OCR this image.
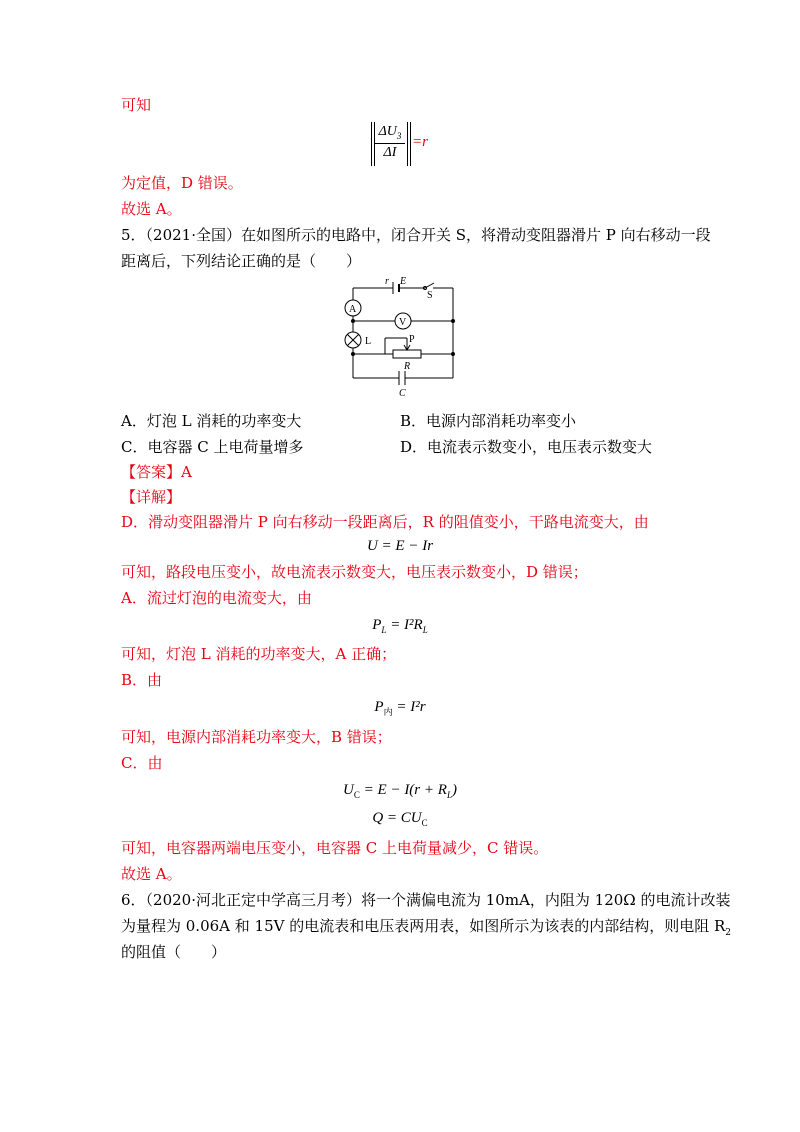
可知
$\Delta U_3$
ΔI
=r
为定值，D 错误。
故选 A。
5．（2021·全国）在如图所示的电路中，闭合开关 S，将滑动变阻器滑片 P 向右移动一段
距离后，下列结论正确的是（　　）
r E
S
A
V
L	P
R
C
A．灯泡 L 消耗的功率变大	B．电源内部消耗功率变小
C．电容器 C 上电荷量增多	D．电流表示数变小，电压表示数变大
【答案】A
【详解】
D．滑动变阻器滑片 P 向右移动一段距离后，R 的阻值变小，干路电流变大，由
U = E − Ir
可知，路段电压变小，故电流表示数变大，电压表示数变小，D 错误；
A．流过灯泡的电流变大，由
$P_L = I^2R_L$
可知，灯泡 L 消耗的功率变大，A 正确；
B．由
$P_内 = I^2r$
可知，电源内部消耗功率变大，B 错误；
C．由
$U_C = E - I(r + R_L)$
$Q = CU_C$
可知，电容器两端电压变小，电容器 C 上电荷量减少，C 错误。
故选 A。
6．（2020·河北正定中学高三月考）将一个满偏电流为 10mA，内阻为 120Ω 的电流计改装
为量程为 0.06A 和 15V 的电流表和电压表两用表，如图所示为该表的内部结构，则电阻 $R_2$
的阻值（　　）
